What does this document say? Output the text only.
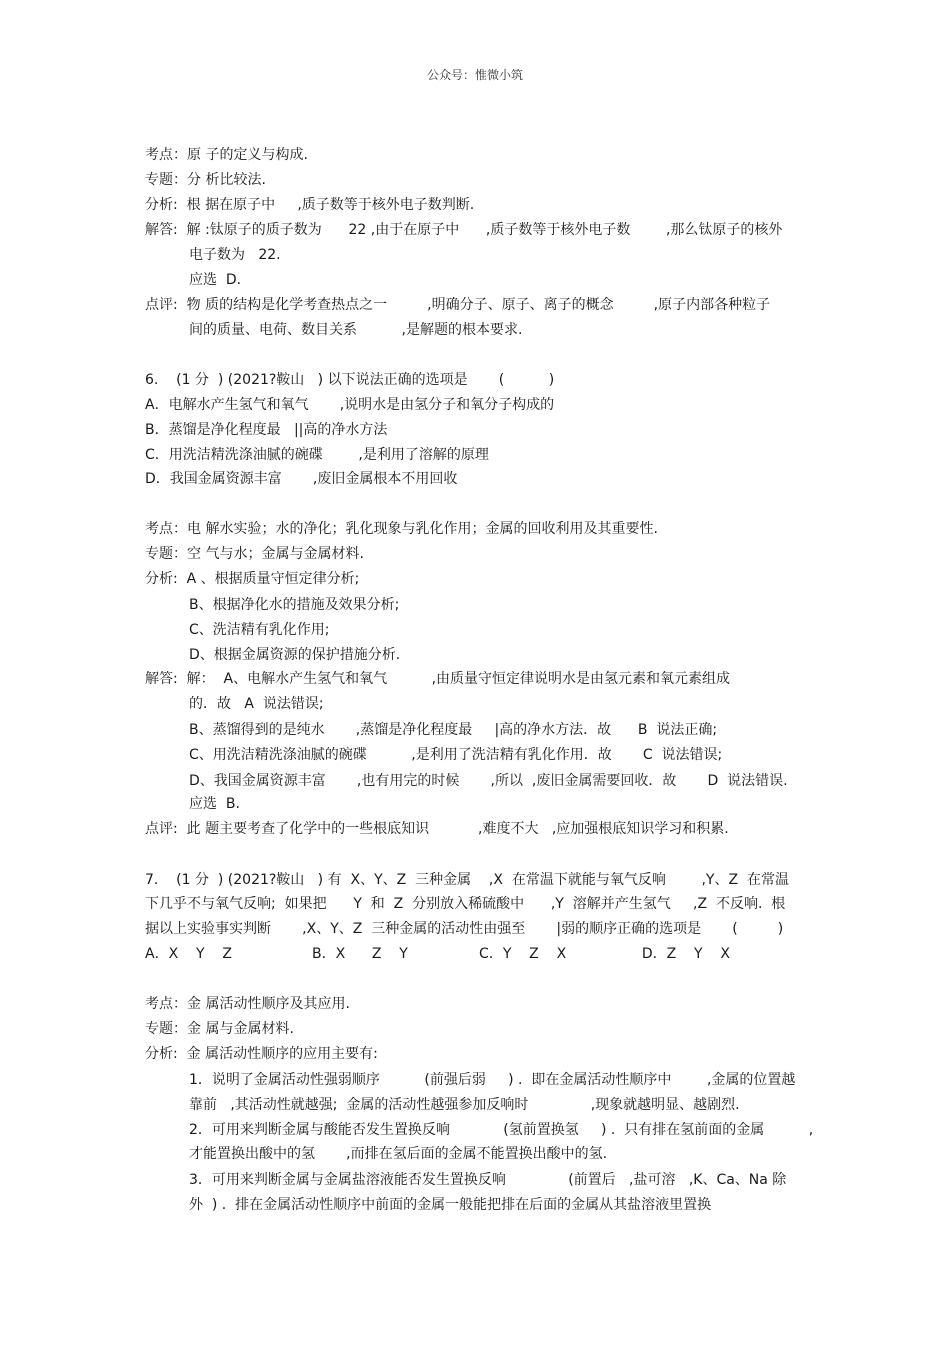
公众号：惟微小筑
考点：原 子的定义与构成.
专题：分 析比较法.
分析:  根 据在原子中     ,质子数等于核外电子数判断.
解答:  解 :钛原子的质子数为      22 ,由于在原子中      ,质子数等于核外电子数        ,那么钛原子的核外
电子数为   22.
应选  D.
点评:  物 质的结构是化学考查热点之一         ,明确分子、原子、离子的概念         ,原子内部各种粒子
间的质量、电荷、数目关系          ,是解题的根本要求.
6.    (1 分  ) (2021?鞍山   ) 以下说法正确的选项是       (          )
A．电解水产生氢气和氧气       ,说明水是由氢分子和氧分子构成的
B．蒸馏是净化程度最   ||高的净水方法
C．用洗洁精洗涤油腻的碗碟        ,是利用了溶解的原理
D．我国金属资源丰富       ,废旧金属根本不用回收
考点：电 解水实验；水的净化；乳化现象与乳化作用；金属的回收利用及其重要性.
专题：空 气与水；金属与金属材料.
分析:  A 、根据质量守恒定律分析;
B、根据净化水的措施及效果分析;
C、洗洁精有乳化作用;
D、根据金属资源的保护措施分析.
解答:  解：  A、电解水产生氢气和氧气          ,由质量守恒定律说明水是由氢元素和氧元素组成
的．故   A  说法错误;
B、蒸馏得到的是纯水       ,蒸馏是净化程度最     |高的净水方法．故      B  说法正确;
C、用洗洁精洗涤油腻的碗碟          ,是利用了洗洁精有乳化作用．故       C  说法错误;
D、我国金属资源丰富       ,也有用完的时候       ,所以  ,废旧金属需要回收．故       D  说法错误.
应选  B.
点评:  此 题主要考查了化学中的一些根底知识           ,难度不大   ,应加强根底知识学习和积累.
7.    (1 分  ) (2021?鞍山   ) 有  X、Y、Z  三种金属    ,X  在常温下就能与氧气反响        ,Y、Z  在常温
下几乎不与氧气反响;  如果把      Y  和  Z  分别放入稀硫酸中      ,Y  溶解并产生氢气     ,Z  不反响.  根
据以上实验事实判断       ,X、Y、Z  三种金属的活动性由强至       |弱的顺序正确的选项是       (         )
A．X    Y    Z                  B．X      Z    Y                C．Y    Z    X                 D．Z    Y    X
考点：金 属活动性顺序及其应用.
专题：金 属与金属材料.
分析:  金 属活动性顺序的应用主要有:
1．说明了金属活动性强弱顺序          (前强后弱     ) .  即在金属活动性顺序中        ,金属的位置越
靠前   ,其活动性就越强;  金属的活动性越强参加反响时              ,现象就越明显、越剧烈.
2．可用来判断金属与酸能否发生置换反响            (氢前置换氢     ) .  只有排在氢前面的金属          ,
才能置换出酸中的氢       ,而排在氢后面的金属不能置换出酸中的氢.
3．可用来判断金属与金属盐溶液能否发生置换反响              (前置后   ,盐可溶   ,K、Ca、Na 除
外  ) .  排在金属活动性顺序中前面的金属一般能把排在后面的金属从其盐溶液里置换
